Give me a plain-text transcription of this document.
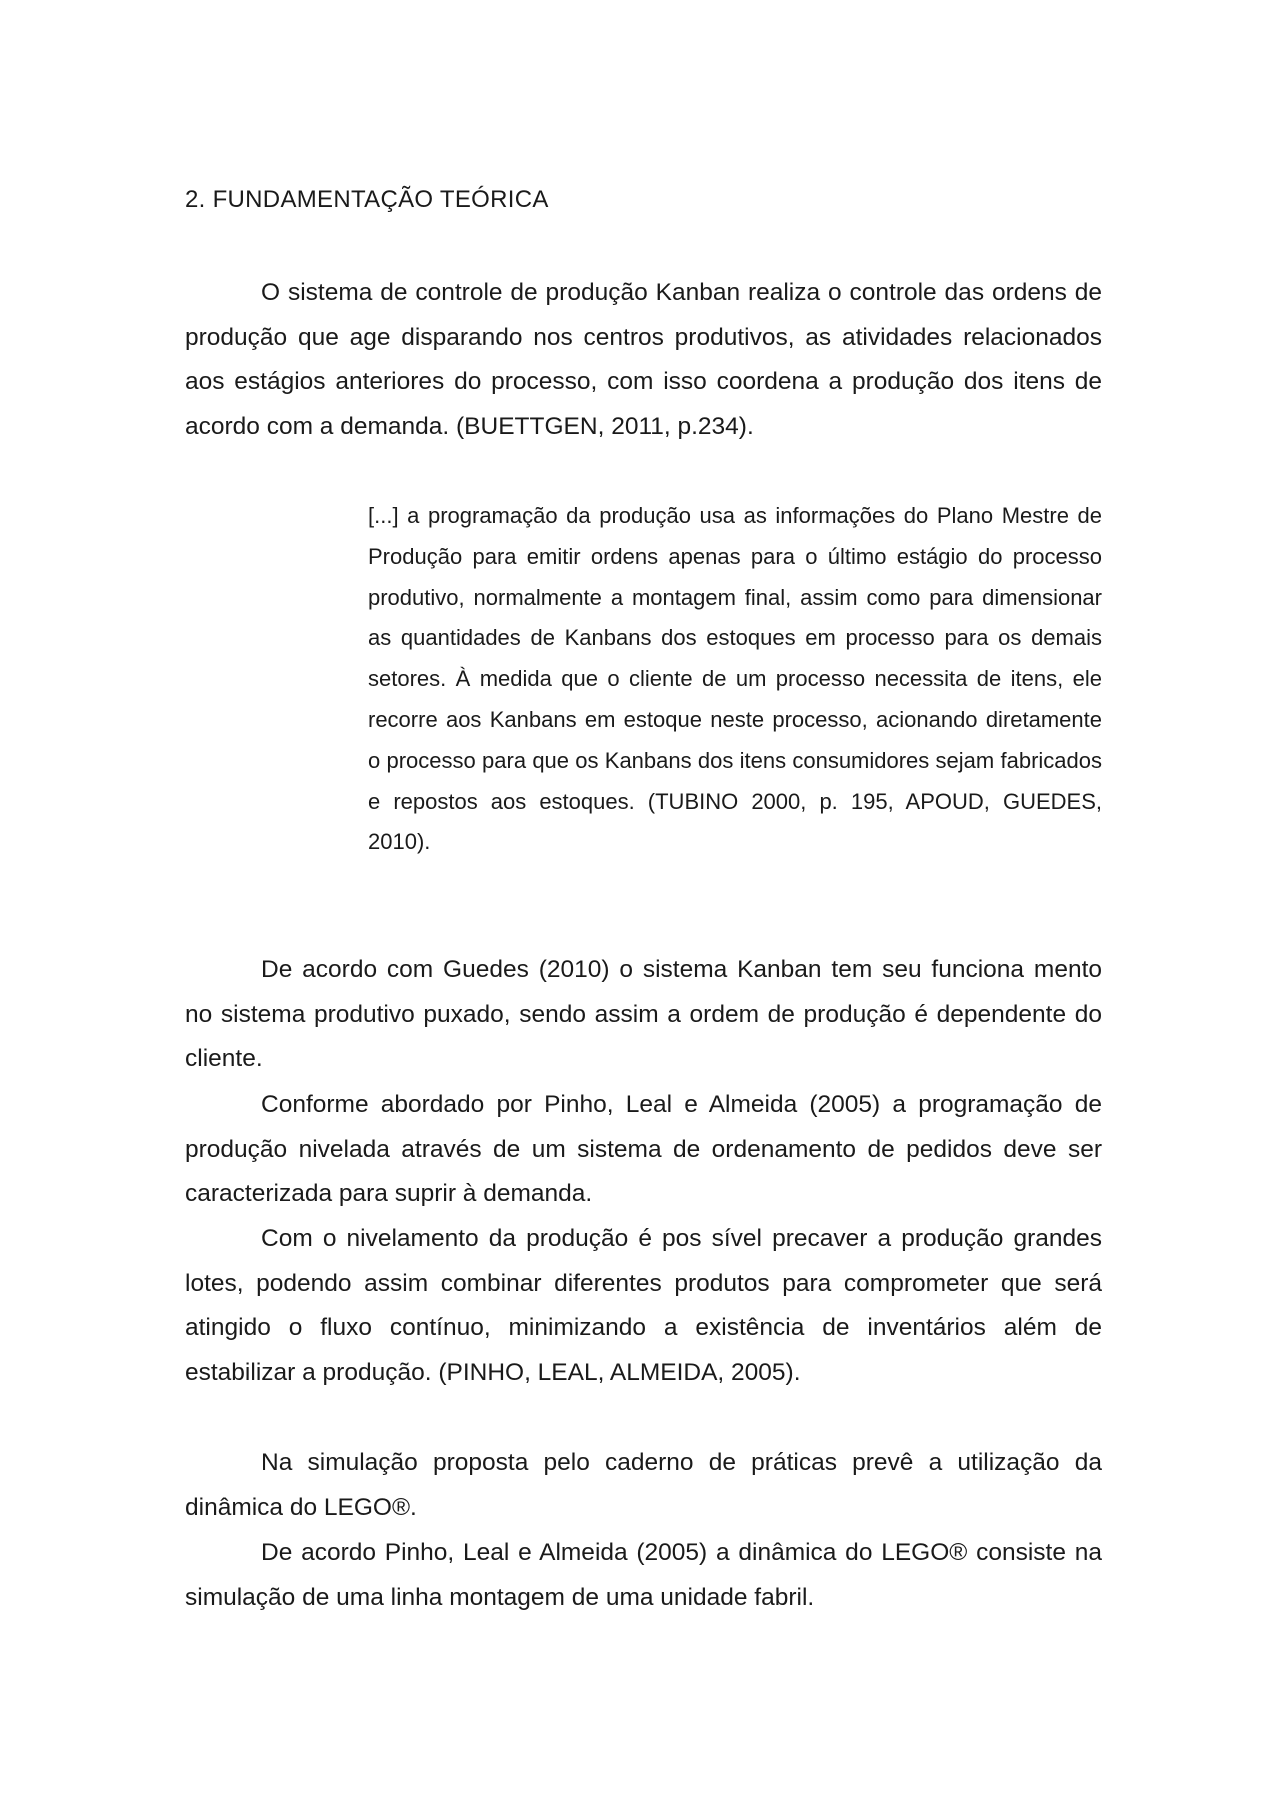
2. FUNDAMENTAÇÃO TEÓRICA

O sistema de controle de produção Kanban realiza o controle das ordens de produção que age disparando nos centros produtivos, as atividades relacionados aos estágios anteriores do processo, com isso coordena a produção dos itens de acordo com a demanda. (BUETTGEN, 2011, p.234).

[...] a programação da produção usa as informações do Plano Mestre de Produção para emitir ordens apenas para o último estágio do processo produtivo, normalmente a montagem final, assim como para dimensionar as quantidades de Kanbans dos estoques em processo para os demais setores. À medida que o cliente de um processo necessita de itens, ele recorre aos Kanbans em estoque neste processo, acionando diretamente o processo para que os Kanbans dos itens consumidores sejam fabricados e repostos aos estoques. (TUBINO 2000, p. 195, APOUD, GUEDES, 2010).

De acordo com Guedes (2010) o sistema Kanban tem seu funciona mento no sistema produtivo puxado, sendo assim a ordem de produção é dependente do cliente.

Conforme abordado por Pinho, Leal e Almeida (2005) a programação de produção nivelada através de um sistema de ordenamento de pedidos deve ser caracterizada para suprir à demanda.

Com o nivelamento da produção é pos sível precaver a produção grandes lotes, podendo assim combinar diferentes produtos para comprometer que será atingido o fluxo contínuo, minimizando a existência de inventários além de estabilizar a produção. (PINHO, LEAL, ALMEIDA, 2005).

Na simulação proposta pelo caderno de práticas prevê a utilização da dinâmica do LEGO®.

De acordo Pinho, Leal e Almeida (2005) a dinâmica do LEGO® consiste na simulação de uma linha montagem de uma unidade fabril.
